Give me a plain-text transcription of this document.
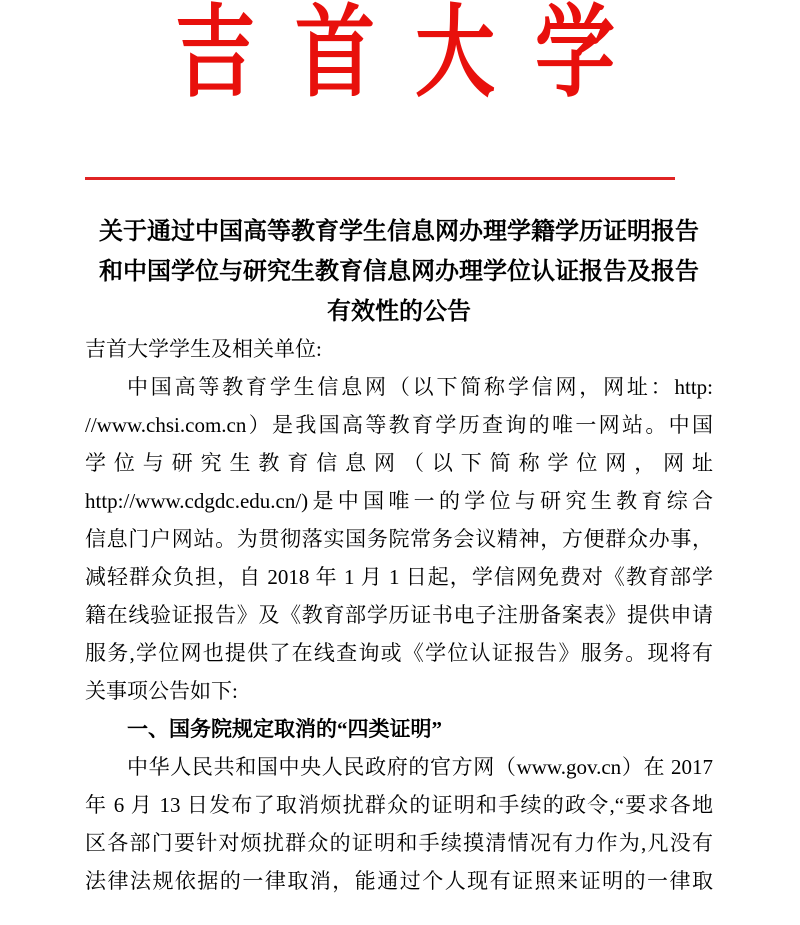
吉 首 大 学
关于通过中国高等教育学生信息网办理学籍学历证明报告
和中国学位与研究生教育信息网办理学位认证报告及报告
有效性的公告
吉首大学学生及相关单位:
中国高等教育学生信息网（以下简称学信网，网址：http:
//www.chsi.com.cn）是我国高等教育学历查询的唯一网站。中国
学位与研究生教育信息网（以下简称学位网，网址
http://www.cdgdc.edu.cn/)是中国唯一的学位与研究生教育综合
信息门户网站。为贯彻落实国务院常务会议精神，方便群众办事，
减轻群众负担，自 2018 年 1 月 1 日起，学信网免费对《教育部学
籍在线验证报告》及《教育部学历证书电子注册备案表》提供申请
服务,学位网也提供了在线查询或《学位认证报告》服务。现将有
关事项公告如下:
一、国务院规定取消的“四类证明”
中华人民共和国中央人民政府的官方网（www.gov.cn）在 2017
年 6 月 13 日发布了取消烦扰群众的证明和手续的政令,“要求各地
区各部门要针对烦扰群众的证明和手续摸清情况有力作为,凡没有
法律法规依据的一律取消，能通过个人现有证照来证明的一律取
